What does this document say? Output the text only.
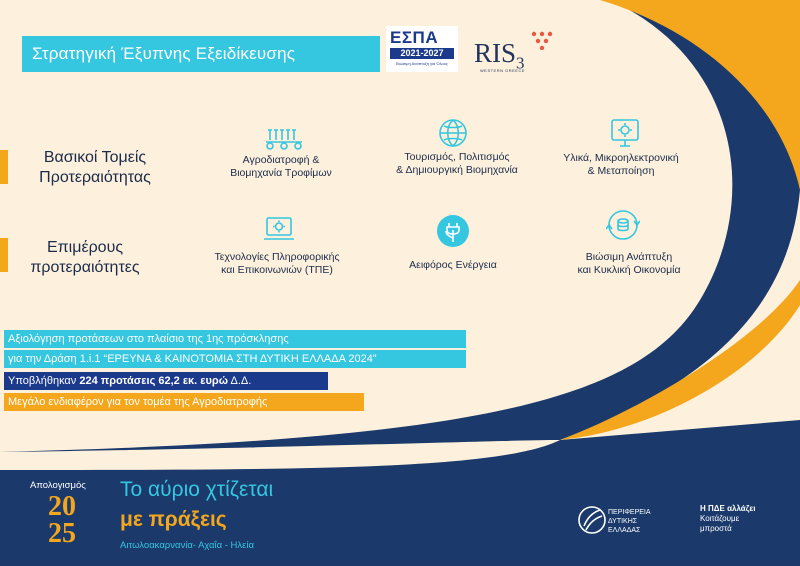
Στρατηγική Έξυπνης Εξειδίκευσης
ΕΣΠΑ
2021-2027
Βιώσιμη Ανάπτυξη για Όλους $RIS_3$
WESTERN GREECE
Βασικοί Τομείς
Προτεραιότητας
Επιμέρους
προτεραιότητες
Αγροδιατροφή &
Βιομηχανία Τροφίμων
Τουρισμός, Πολιτισμός
& Δημιουργική Βιομηχανία
Υλικά, Μικροηλεκτρονική
& Μεταποίηση
Τεχνολογίες Πληροφορικής
και Επικοινωνιών (ΤΠΕ)	Αειφόρος Ενέργεια
Βιώσιμη Ανάπτυξη
και Κυκλική Οικονομία
Αξιολόγηση προτάσεων στο πλαίσιο της 1ης πρόσκλησης
για την Δράση 1.i.1 “ΕΡΕΥΝΑ & ΚΑΙΝΟΤΟΜΙΑ ΣΤΗ ΔΥΤΙΚΗ ΕΛΛΑΔΑ 2024”
Υποβλήθηκαν 224 προτάσεις 62,2 εκ. ευρώ Δ.Δ.
Μεγάλο ενδιαφέρον για τον τομέα της Αγροδιατροφής
Απολογισμός
20
25
Το αύριο χτίζεται
με πράξεις
Αιτωλοακαρνανία- Αχαΐα - Ηλεία
ΠΕΡΙΦΕΡΕΙΑ
ΔΥΤΙΚΗΣ
ΕΛΛΑΔΑΣ
Η ΠΔΕ αλλάζει
Κοιτάζουμε
μπροστά
